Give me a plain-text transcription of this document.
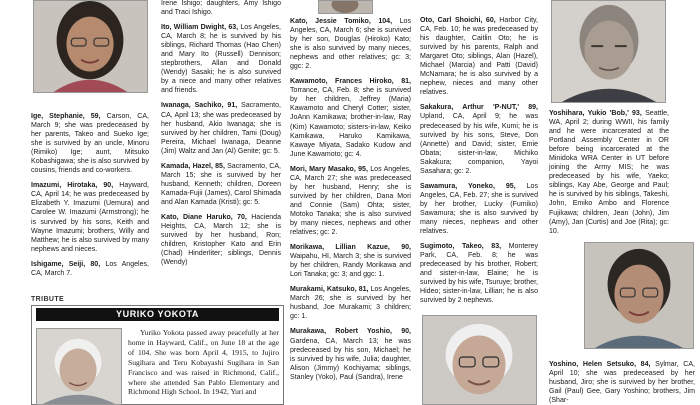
Ige, Stephanie, 59, Carson, CA, March 9; she was predeceased by her parents, Takeo and Sueko Ige; she is survived by an uncle, Minoru (Rimiko) Ige; aunt, Mitsuko Kobashigawa; she is also survived by cousins, friends and co-workers.

Imazumi, Hirotaka, 90, Hayward, CA, April 14; he was predeceased by Elizabeth Y. Imazumi (Uemura) and Carolee W. Imazumi (Armstrong); he is survived by his sons, Keith and Wayne Imazumi; brothers, Willy and Matthew; he is also survived by many nephews and nieces.

Ishigame, Seiji, 80, Los Angeles, CA, March 7.

Irene Ishigo; daughters, Amy Ishigo and Traci Ishigo.

Ito, William Dwight, 63, Los Angeles, CA, March 8; he is survived by his siblings, Richard Thomas (Hao Chen) and Mary Ito (Russell) Dennison; stepbrothers, Allan and Donald (Wendy) Sasaki; he is also survived by a niece and many other relatives and friends.

Iwanaga, Sachiko, 91, Sacramento, CA, April 13; she was predeceased by her husband, Akio Iwanaga; she is survived by her children, Tami (Doug) Pereira, Michael Iwanaga, Deanne (Jim) Waltz and Jan (Al) Genite; gc: 5.

Kamada, Hazel, 85, Sacramento, CA, March 15; she is survived by her husband, Kenneth; children, Doreen Kamada-Fujii (James), Carol Shimada and Alan Kamada (Kristi); gc: 5.

Kato, Diane Haruko, 70, Hacienda Heights, CA, March 12; she is survived by her husband, Ron; children, Kristopher Kato and Erin (Chad) Hinderliter; siblings, Dennis (Wendy)

TRIBUTE
YURIKO YOKOTA
Yuriko Yokota passed away peacefully at her home in Hayward, Calif., on June 18 at the age of 104. She was born April 4, 1915, to Jujiro Sugihara and Teru Kobayashi Sugihara in San Francisco and was raised in Richmond, Calif., where she attended San Pablo Elementary and Richmond High School. In 1942, Yuri and

Kato, Jessie Tomiko, 104, Los Angeles, CA, March 6; she is survived by her son, Douglas (Hiroko) Kato; she is also survived by many nieces, nephews and other relatives; gc: 3; ggc: 2.

Kawamoto, Frances Hiroko, 81, Torrance, CA, Feb. 8; she is survived by her children, Jeffrey (Maria) Kawamoto and Cheryl Cotter; sister, JoAnn Kamikawa; brother-in-law, Ray (Kim) Kawamoto; sisters-in-law, Keiko Kamikawa, Haruko Kamikawa, Kawaye Miyata, Sadako Kudow and June Kawamoto; gc: 4.

Mori, Mary Masako, 95, Los Angeles, CA, March 27; she was predeceased by her husband, Henry; she is survived by her children, Dana Mori and Connie (Sam) Ohta; sister, Motoko Tanaka; she is also survived by many nieces, nephews and other relatives; gc: 2.

Morikawa, Lillian Kazue, 90, Waipahu, HI, March 3; she is survived by her children, Randy Morikawa and Lori Tanaka; gc: 3; and ggc: 1.

Murakami, Katsuko, 81, Los Angeles, March 26; she is survived by her husband, Joe Murakami; 3 children; gc: 1.

Murakawa, Robert Yoshio, 90, Gardena, CA, March 13; he was predeceased by his son, Michael; he is survived by his wife, Julia; daughter, Alison (Jimmy) Kochiyama; siblings, Stanley (Yoko), Paul (Sandra), Irene

Oto, Carl Shoichi, 60, Harbor City, CA, Feb. 10; he was predeceased by his daughter, Caitlin Oto; he is survived by his parents, Ralph and Margaret Oto; siblings, Alan (Hazel), Michael (Marcia) and Patti (David) McNamara; he is also survived by a nephew, nieces and many other relatives.

Sakakura, Arthur 'P-NUT,' 89, Upland, CA, April 9; he was predeceased by his wife, Kumi; he is survived by his sons, Steve, Don (Annette) and David; sister, Emie Obata; sister-in-law, Michiko Sakakura; companion, Yayoi Sasahara; gc: 2.

Sawamura, Yoneko, 95, Los Angeles, CA, Feb. 27; she is survived by her brother, Lucky (Fumiko) Sawamura; she is also survived by many nieces, nephews and other relatives.

Sugimoto, Takeo, 83, Monterey Park, CA, Feb. 8; he was predeceased by his brother, Robert; and sister-in-law, Elaine; he is survived by his wife, Tsuruye; brother, Hideo; sister-in-law, Lillian; he is also survived by 2 nephews.

Yoshihara, Yukio 'Bob,' 93, Seattle, WA, April 2; during WWII, his family and he were incarcerated at the Portland Assembly Center in OR before being incarcerated at the Minidoka WRA Center in UT before joining the Army MIS; he was predeceased by his wife, Yaeko; siblings, Kay Abe, George and Paul; he is survived by his siblings, Takeshi, John, Emiko Ambo and Florence Fujikawa; children, Jean (John), Jim (Amy), Jan (Curtis) and Joe (Rita); gc: 10.

Yoshino, Helen Setsuko, 84, Sylmar, CA, April 10; she was predeceased by her husband, Jiro; she is survived by her brother, Gail (Paul) Gee, Gary Yoshino; brothers, Jim (Shar-
